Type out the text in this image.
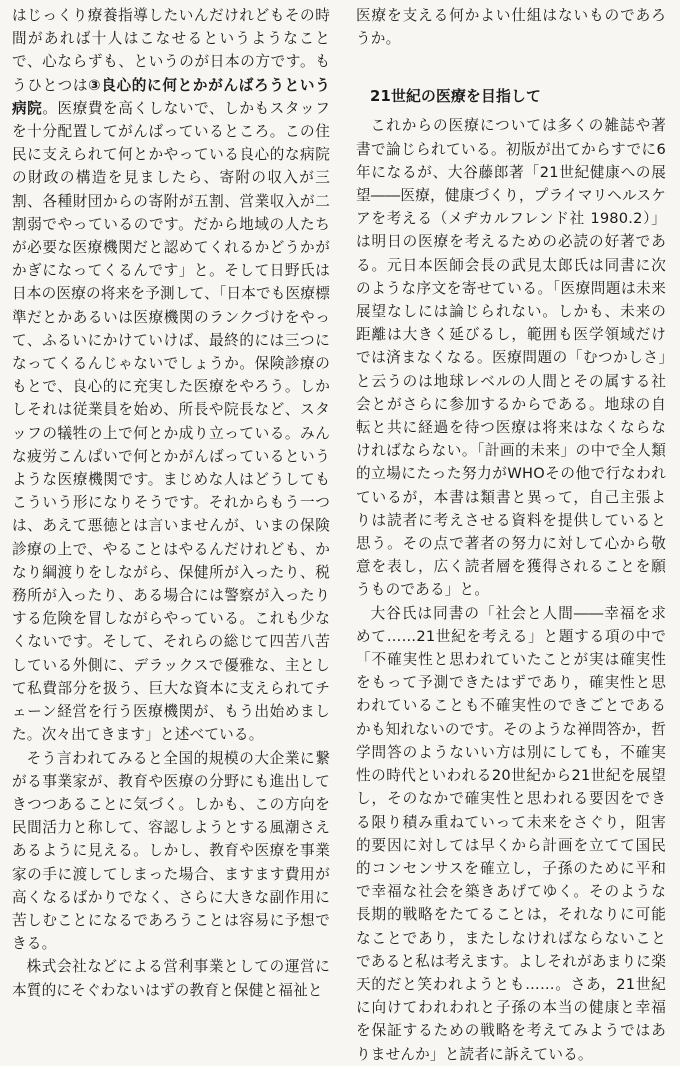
はじっくり療養指導したいんだけれどもその時間があれば十人はこなせるというようなことで、心ならずも、というのが日本の方です。もうひとつは③良心的に何とかがんばろうという病院。医療費を高くしないで、しかもスタッフを十分配置してがんばっているところ。この住民に支えられて何とかやっている良心的な病院の財政の構造を見ましたら、寄附の収入が三割、各種財団からの寄附が五割、営業収入が二割弱でやっているのです。だから地域の人たちが必要な医療機関だと認めてくれるかどうかがかぎになってくるんです」と。そして日野氏は日本の医療の将来を予測して、「日本でも医療標準だとかあるいは医療機関のランクづけをやって、ふるいにかけていけば、最終的には三つになってくるんじゃないでしょうか。保険診療のもとで、良心的に充実した医療をやろう。しかしそれは従業員を始め、所長や院長など、スタッフの犠牲の上で何とか成り立っている。みんな疲労こんぱいで何とかがんばっているというような医療機関です。まじめな人はどうしてもこういう形になりそうです。それからもう一つは、あえて悪徳とは言いませんが、いまの保険診療の上で、やることはやるんだけれども、かなり綱渡りをしながら、保健所が入ったり、税務所が入ったり、ある場合には警察が入ったりする危険を冒しながらやっている。これも少なくないです。そして、それらの総じて四苦八苦している外側に、デラックスで優雅な、主として私費部分を扱う、巨大な資本に支えられてチェーン経営を行う医療機関が、もう出始めました。次々出てきます」と述べている。

そう言われてみると全国的規模の大企業に繋がる事業家が、教育や医療の分野にも進出してきつつあることに気づく。しかも、この方向を民間活力と称して、容認しようとする風潮さえあるように見える。しかし、教育や医療を事業家の手に渡してしまった場合、ますます費用が高くなるばかりでなく、さらに大きな副作用に苦しむことになるであろうことは容易に予想できる。

株式会社などによる営利事業としての運営に本質的にそぐわないはずの教育と保健と福祉と

医療を支える何かよい仕組はないものであろうか。

21世紀の医療を目指して

これからの医療については多くの雑誌や著書で論じられている。初版が出てからすでに6年になるが、大谷藤郎著「21世紀健康への展望――医療，健康づくり，プライマリヘルスケアを考える（メヂカルフレンド社 1980.2）」は明日の医療を考えるための必読の好著である。元日本医師会長の武見太郎氏は同書に次のような序文を寄せている。「医療問題は未来展望なしには論じられない。しかも、未来の距離は大きく延びるし，範囲も医学領域だけでは済まなくなる。医療問題の「むつかしさ」と云うのは地球レベルの人間とその属する社会とがさらに参加するからである。地球の自転と共に経過を待つ医療は将来はなくならなければならない。「計画的未来」の中で全人類的立場にたった努力がWHOその他で行なわれているが，本書は類書と異って，自己主張よりは読者に考えさせる資料を提供していると思う。その点で著者の努力に対して心から敬意を表し，広く読者層を獲得されることを願うものである」と。

大谷氏は同書の「社会と人間――幸福を求めて……21世紀を考える」と題する項の中で「不確実性と思われていたことが実は確実性をもって予測できたはずであり，確実性と思われていることも不確実性のできごとであるかも知れないのです。そのような禅問答か，哲学問答のようないい方は別にしても，不確実性の時代といわれる20世紀から21世紀を展望し，そのなかで確実性と思われる要因をできる限り積み重ねていって未来をさぐり，阻害的要因に対しては早くから計画を立てて国民的コンセンサスを確立し，子孫のために平和で幸福な社会を築きあげてゆく。そのような長期的戦略をたてることは，それなりに可能なことであり，またしなければならないことであると私は考えます。よしそれがあまりに楽天的だと笑われようとも……。さあ，21世紀に向けてわれわれと子孫の本当の健康と幸福を保証するための戦略を考えてみようではありませんか」と読者に訴えている。
